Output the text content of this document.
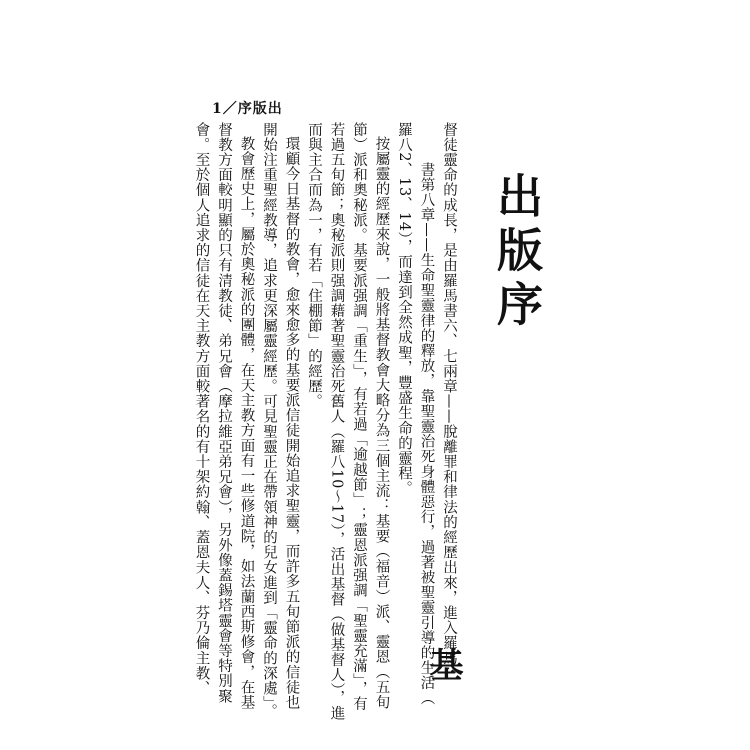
1／序版出
出版序
基
督徒靈命的成長，是由羅馬書六、七兩章——脫離罪和律法的經歷出來，進入羅馬
書第八章——生命聖靈律的釋放，靠聖靈治死身體惡行，過著被聖靈引導的生活（
羅八2、13、14），而達到全然成聖，豐盛生命的靈程。
按屬靈的經歷來說，一般將基督教會大略分為三個主流：基要（福音）派、靈恩（五旬
節）派和奧秘派。基要派强調「重生」，有若過「逾越節」；靈恩派强調「聖靈充滿」，有
若過五旬節；奧秘派則强調藉著聖靈治死舊人（羅八10～17），活出基督（做基督人），進
而與主合而為一，有若「住棚節」的經歷。
環顧今日基督的教會，愈來愈多的基要派信徒開始追求聖靈，而許多五旬節派的信徒也
開始注重聖經教導，追求更深屬靈經歷。可見聖靈正在帶領神的兒女進到「靈命的深處」。
教會歷史上，屬於奧秘派的團體，在天主教方面有一些修道院，如法蘭西斯修會，在基
督教方面較明顯的只有清教徒、弟兄會（摩拉維亞弟兄會），另外像蓋錫塔靈會等特別聚
會。至於個人追求的信徒在天主教方面較著名的有十架約翰、蓋恩夫人、芬乃倫主教、
